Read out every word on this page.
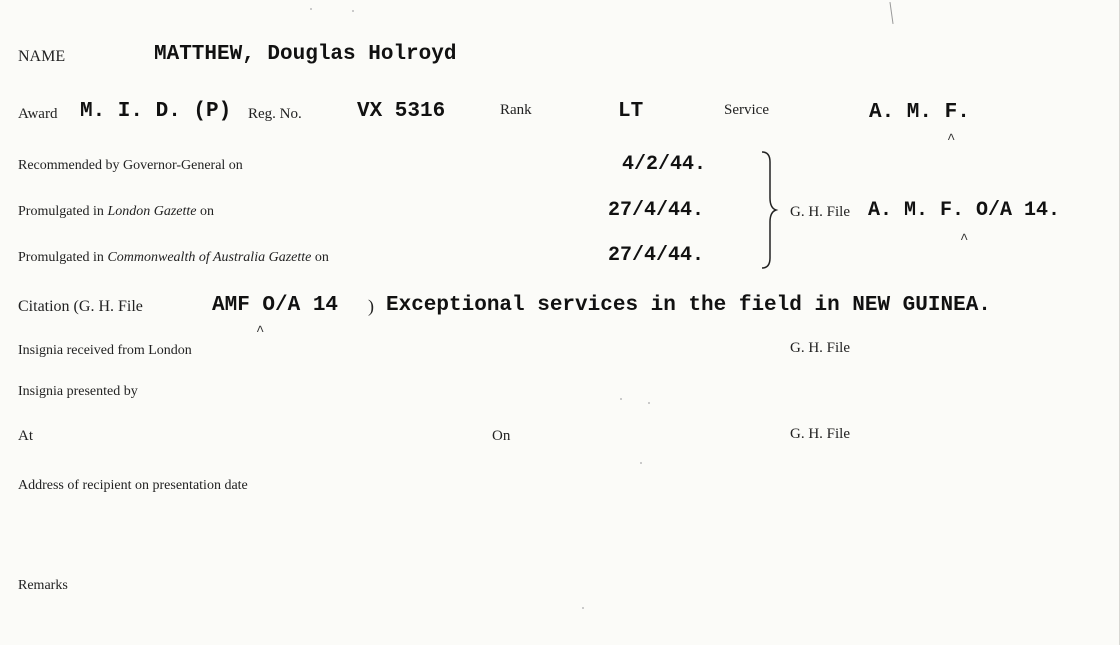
NAME	MATTHEW, Douglas Holroyd
Award M. I. D. (P) Reg. No.	VX 5316	Rank	LT	Service	A. M. F.
^
Recommended by Governor-General on	4/2/44.
Promulgated in London Gazette on	27/4/44.
Promulgated in Commonwealth of Australia Gazette on	27/4/44.
G. H. File A. M. F. O/A 14.
^
Citation (G. H. File	AMF O/A 14 ) Exceptional services in the field in NEW GUINEA.
^
Insignia received from London	G. H. File
Insignia presented by
At	On	G. H. File
Address of recipient on presentation date
Remarks
